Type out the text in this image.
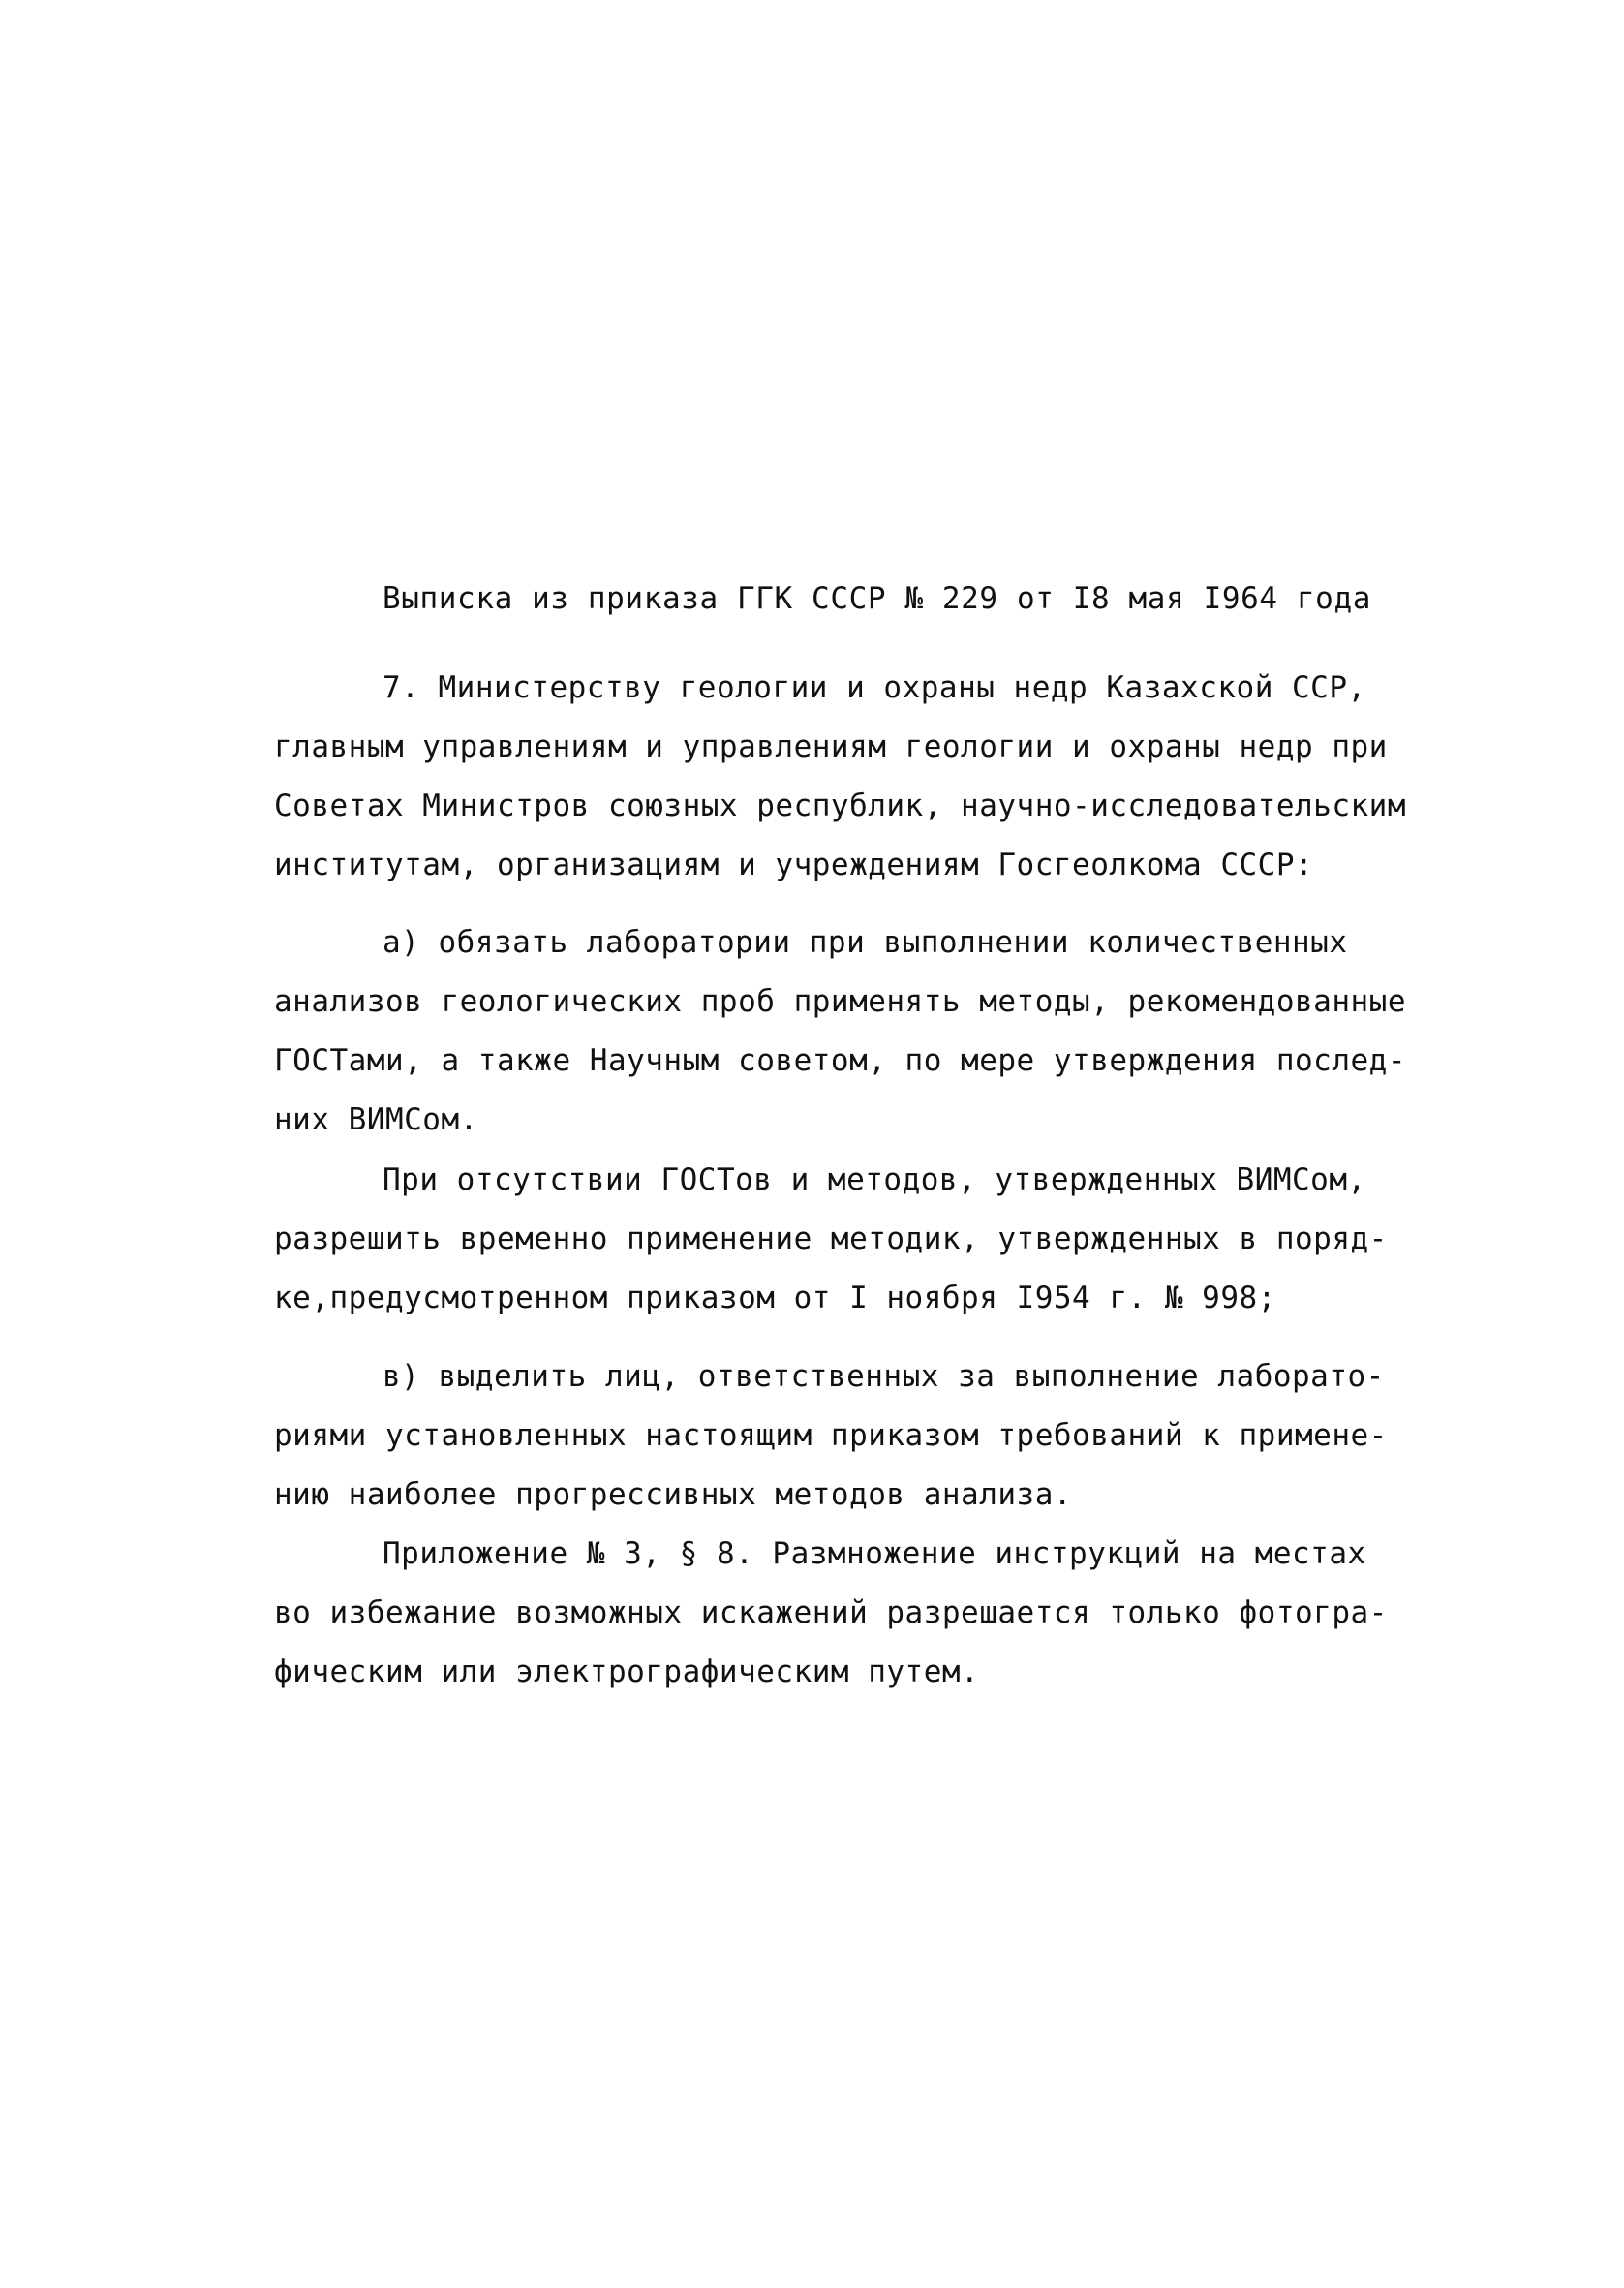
Выписка из приказа ГГК СССР № 229 от I8 мая I964 года
7. Министерству геологии и охраны недр Казахской ССР,
главным управлениям и управлениям геологии и охраны недр при
Советах Министров союзных республик, научно-исследовательским
институтам, организациям и учреждениям Госгеолкома СССР:
а) обязать лаборатории при выполнении количественных
анализов геологических проб применять методы, рекомендованные
ГОСТами, а также Научным советом, по мере утверждения послед-
них ВИМСом.
При отсутствии ГОСТов и методов, утвержденных ВИМСом,
разрешить временно применение методик, утвержденных в поряд-
ке,предусмотренном приказом от I ноября I954 г. № 998;
в) выделить лиц, ответственных за выполнение лаборато-
риями установленных настоящим приказом требований к примене-
нию наиболее прогрессивных методов анализа.
Приложение № 3, § 8. Размножение инструкций на местах
во избежание возможных искажений разрешается только фотогра-
фическим или электрографическим путем.
